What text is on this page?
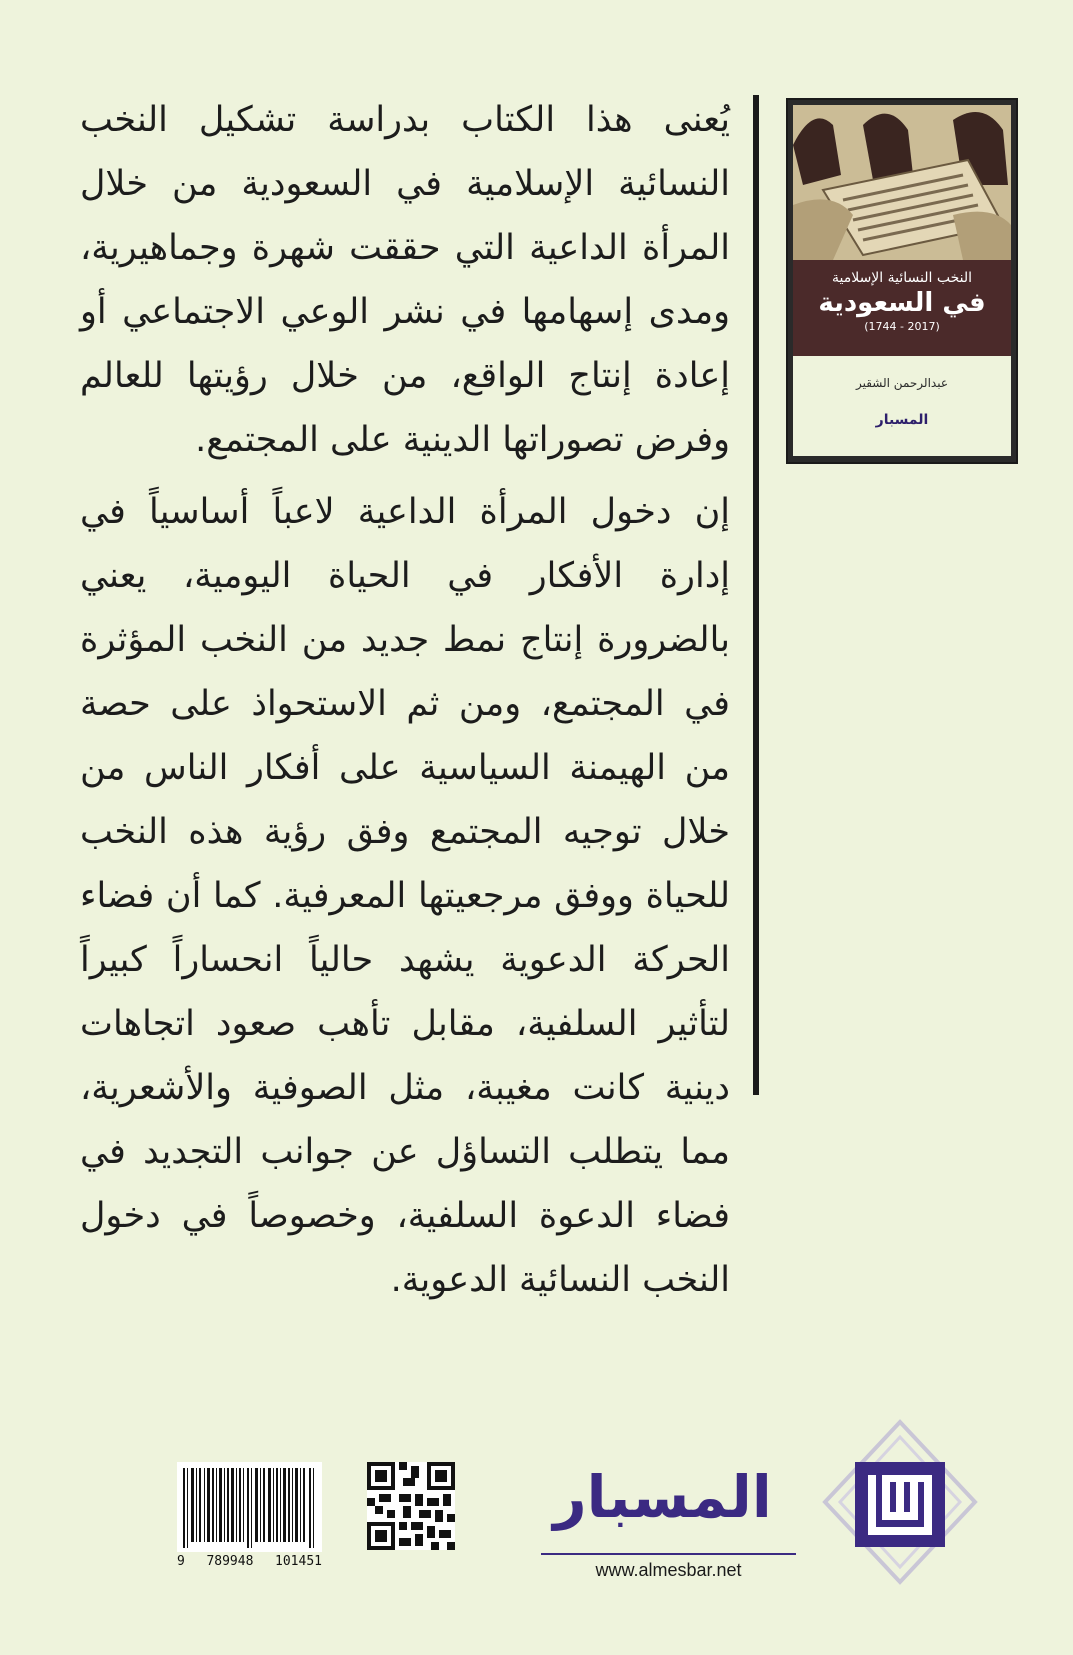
يُعنى هذا الكتاب بدراسة تشكيل النخب النسائية الإسلامية في السعودية من خلال المرأة الداعية التي حققت شهرة وجماهيرية، ومدى إسهامها في نشر الوعي الاجتماعي أو إعادة إنتاج الواقع، من خلال رؤيتها للعالم وفرض تصوراتها الدينية على المجتمع.

إن دخول المرأة الداعية لاعباً أساسياً في إدارة الأفكار في الحياة اليومية، يعني بالضرورة إنتاج نمط جديد من النخب المؤثرة في المجتمع، ومن ثم الاستحواذ على حصة من الهيمنة السياسية على أفكار الناس من خلال توجيه المجتمع وفق رؤية هذه النخب للحياة ووفق مرجعيتها المعرفية. كما أن فضاء الحركة الدعوية يشهد حالياً انحساراً كبيراً لتأثير السلفية، مقابل تأهب صعود اتجاهات دينية كانت مغيبة، مثل الصوفية والأشعرية، مما يتطلب التساؤل عن جوانب التجديد في فضاء الدعوة السلفية، وخصوصاً في دخول النخب النسائية الدعوية.

النخب النسائية الإسلامية
في السعودية
(2017 - 1744)
عبدالرحمن الشقير
المسبار
9 789948 101451
المسبار
www.almesbar.net
